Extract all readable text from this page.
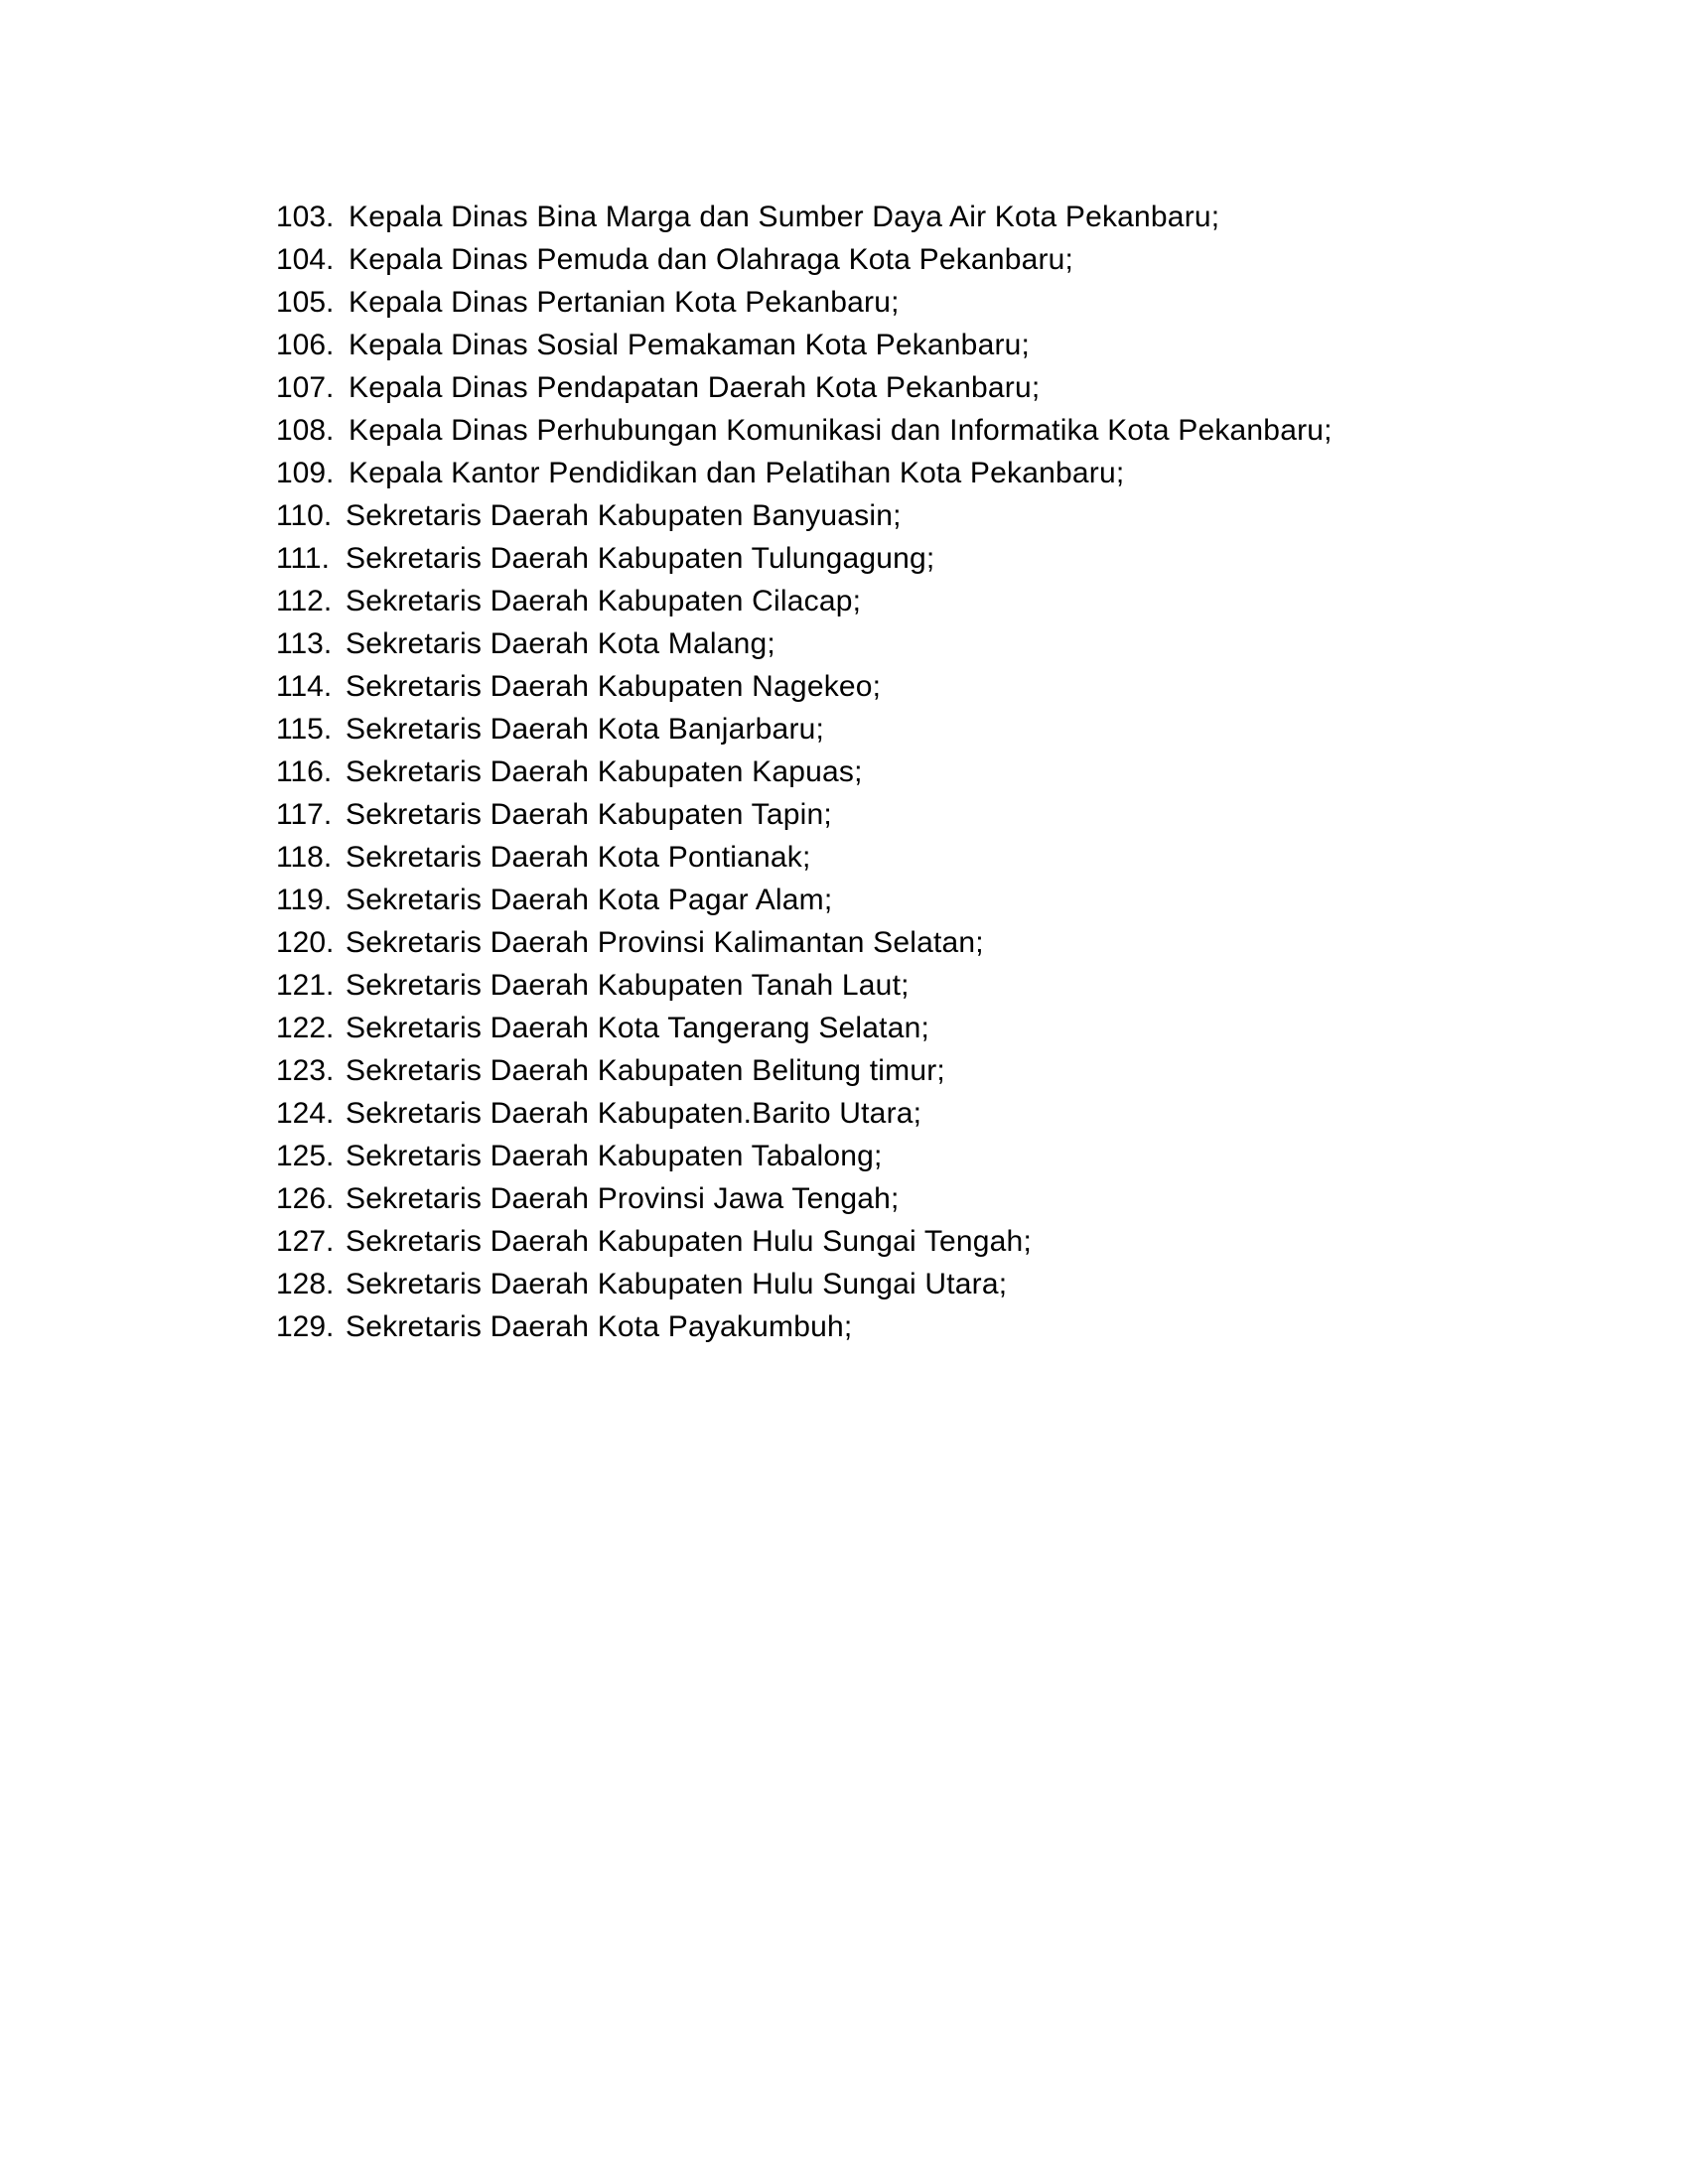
103. Kepala Dinas Bina Marga dan Sumber Daya Air Kota Pekanbaru;
104. Kepala Dinas Pemuda dan Olahraga Kota Pekanbaru;
105. Kepala Dinas Pertanian Kota Pekanbaru;
106. Kepala Dinas Sosial Pemakaman Kota Pekanbaru;
107. Kepala Dinas Pendapatan Daerah Kota Pekanbaru;
108. Kepala Dinas Perhubungan Komunikasi dan Informatika Kota Pekanbaru;
109. Kepala Kantor Pendidikan dan Pelatihan Kota Pekanbaru;
110. Sekretaris Daerah Kabupaten Banyuasin;
111. Sekretaris Daerah Kabupaten Tulungagung;
112. Sekretaris Daerah Kabupaten Cilacap;
113. Sekretaris Daerah Kota Malang;
114. Sekretaris Daerah Kabupaten Nagekeo;
115. Sekretaris Daerah Kota Banjarbaru;
116. Sekretaris Daerah Kabupaten Kapuas;
117. Sekretaris Daerah Kabupaten Tapin;
118. Sekretaris Daerah Kota Pontianak;
119. Sekretaris Daerah Kota Pagar Alam;
120. Sekretaris Daerah Provinsi Kalimantan Selatan;
121. Sekretaris Daerah Kabupaten Tanah Laut;
122. Sekretaris Daerah Kota Tangerang Selatan;
123. Sekretaris Daerah Kabupaten Belitung timur;
124. Sekretaris Daerah Kabupaten.Barito Utara;
125. Sekretaris Daerah Kabupaten Tabalong;
126. Sekretaris Daerah Provinsi Jawa Tengah;
127. Sekretaris Daerah Kabupaten Hulu Sungai Tengah;
128. Sekretaris Daerah Kabupaten Hulu Sungai Utara;
129. Sekretaris Daerah Kota Payakumbuh;
